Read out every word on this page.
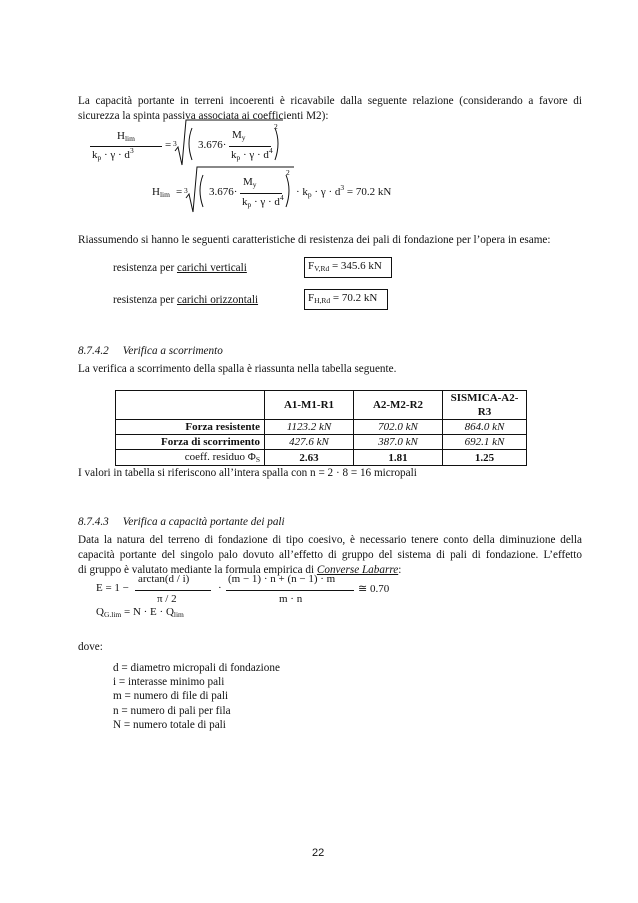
La capacità portante in terreni incoerenti è ricavabile dalla seguente relazione (considerando a favore di
sicurezza la spinta passiva associata ai coefficienti M2):
Hlim
kp · $\gamma \cdot d^3$	= 3 3.676·
My
kp · $\gamma \cdot d^4$
2
Hlim = 3 3.676·
My
kp · $\gamma \cdot d^4$
2
· kp · $\gamma \cdot d^3 = 70.2$ kN
Riassumendo si hanno le seguenti caratteristiche di resistenza dei pali di fondazione per l’opera in esame:
resistenza per carichi verticali	FV,Rd = 345.6 kN
resistenza per carichi orizzontali	FH,Rd = 70.2 kN
8.7.4.2 Verifica a scorrimento
La verifica a scorrimento della spalla è riassunta nella tabella seguente.
	A1-M1-R1	A2-M2-R2	SISMICA-A2-R3
Forza resistente	1123.2 kN	702.0 kN	864.0 kN
Forza di scorrimento	427.6 kN	387.0 kN	692.1 kN
coeff. residuo ΦS	2.63	1.81	1.25
I valori in tabella si riferiscono all’intera spalla con n = 2 · 8 = 16 micropali
8.7.4.3 Verifica a capacità portante dei pali
Data la natura del terreno di fondazione di tipo coesivo, è necessario tenere conto della diminuzione della
capacità portante del singolo palo dovuto all’effetto di gruppo del sistema di pali di fondazione. L’effetto
di gruppo è valutato mediante la formula empirica di Converse Labarre:
E = 1 −
arctan(d / i)
π / 2
·
(m − 1) · n + (n − 1) · m
m · n
≅ 0.70
QG.lim = N · E · Qlim
dove:
d = diametro micropali di fondazione
i = interasse minimo pali
m = numero di file di pali
n = numero di pali per fila
N = numero totale di pali
22
